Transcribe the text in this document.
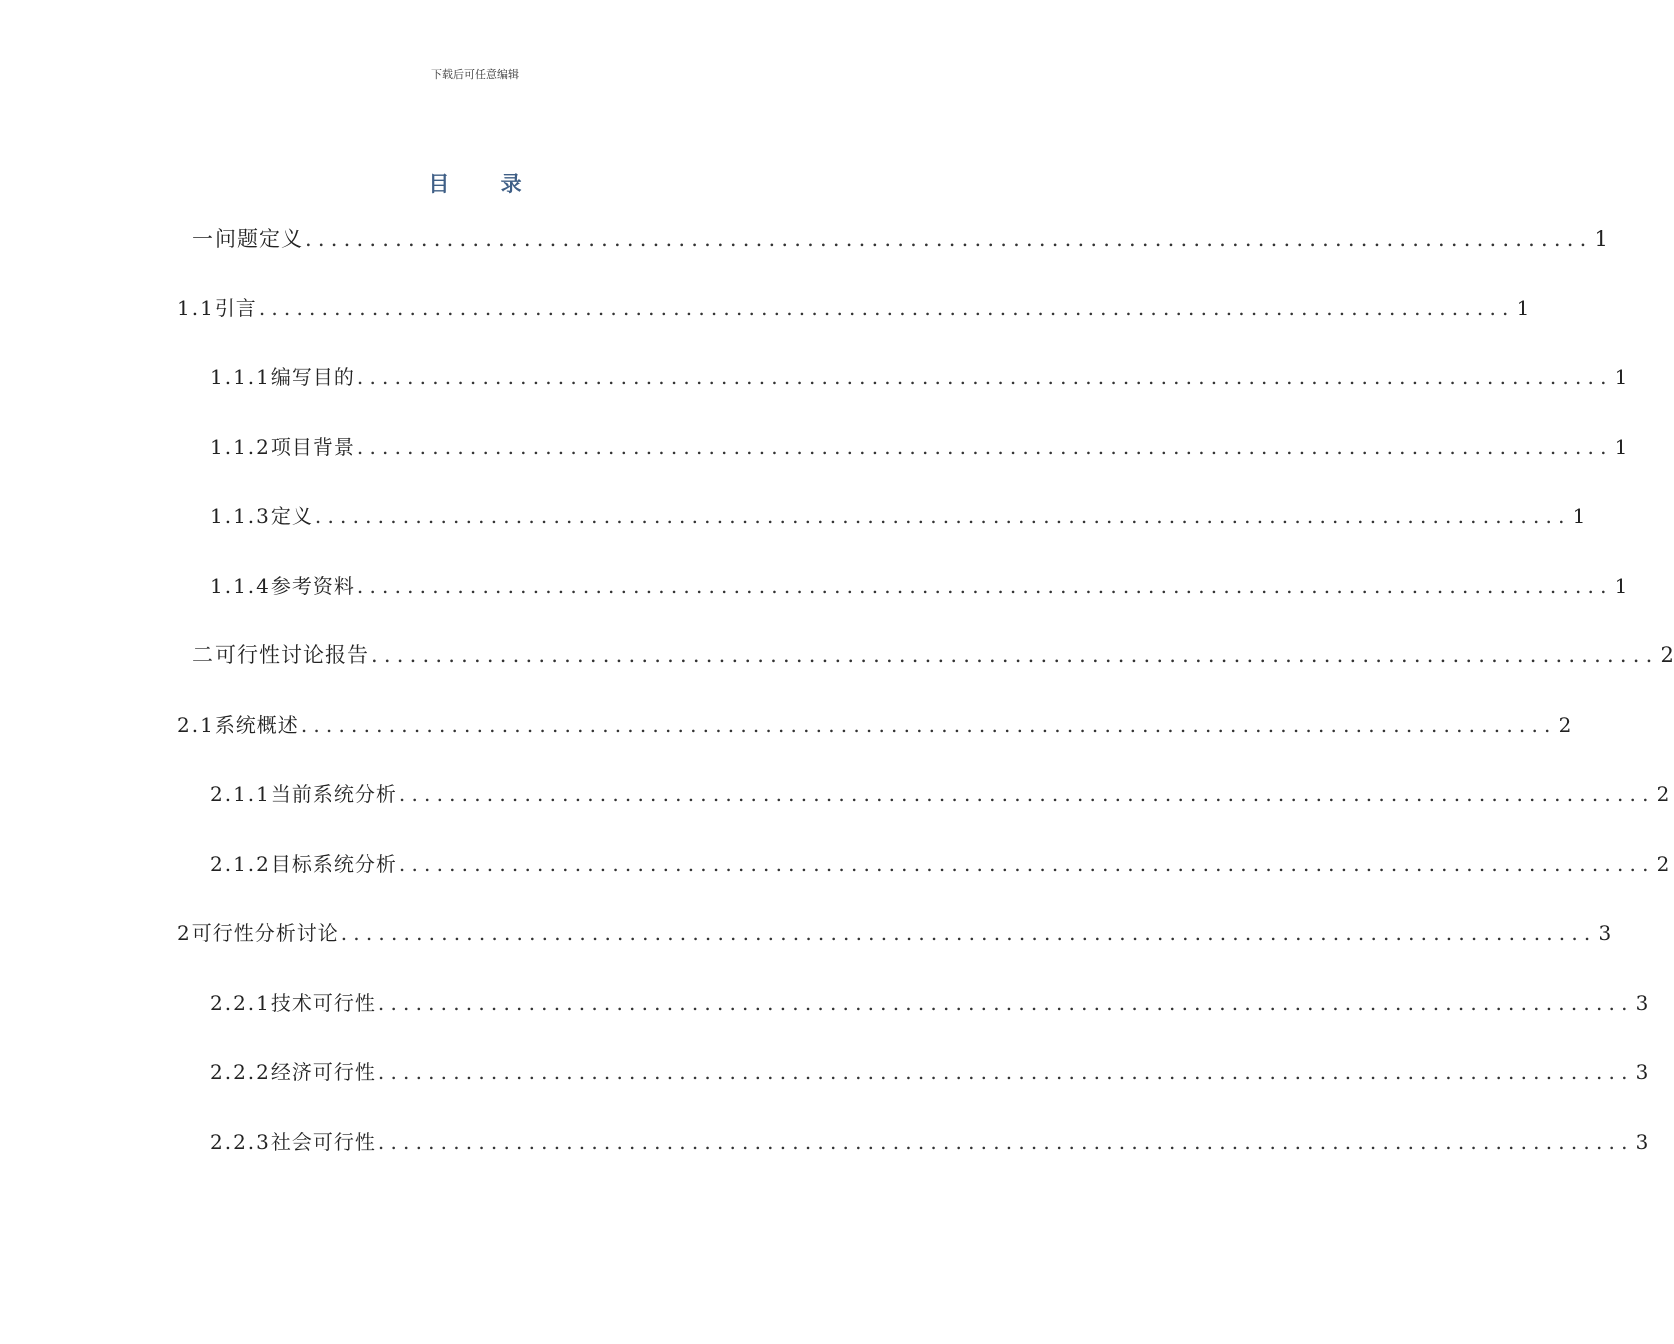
下载后可任意编辑
目 录
一 问题定义 .................................................................................................... 1
1.1 引言 .................................................................................................... 1
1.1.1 编写目的 .................................................................................................... 1
1.1.2 项目背景 .................................................................................................... 1
1.1.3 定义 .................................................................................................... 1
1.1.4 参考资料 .................................................................................................... 1
二 可行性讨论报告 .................................................................................................... 2
2.1 系统概述 .................................................................................................... 2
2.1.1 当前系统分析 .................................................................................................... 2
2.1.2 目标系统分析 .................................................................................................... 2
2 可行性分析讨论 .................................................................................................... 3
2.2.1 技术可行性 .................................................................................................... 3
2.2.2 经济可行性 .................................................................................................... 3
2.2.3 社会可行性 .................................................................................................... 3
